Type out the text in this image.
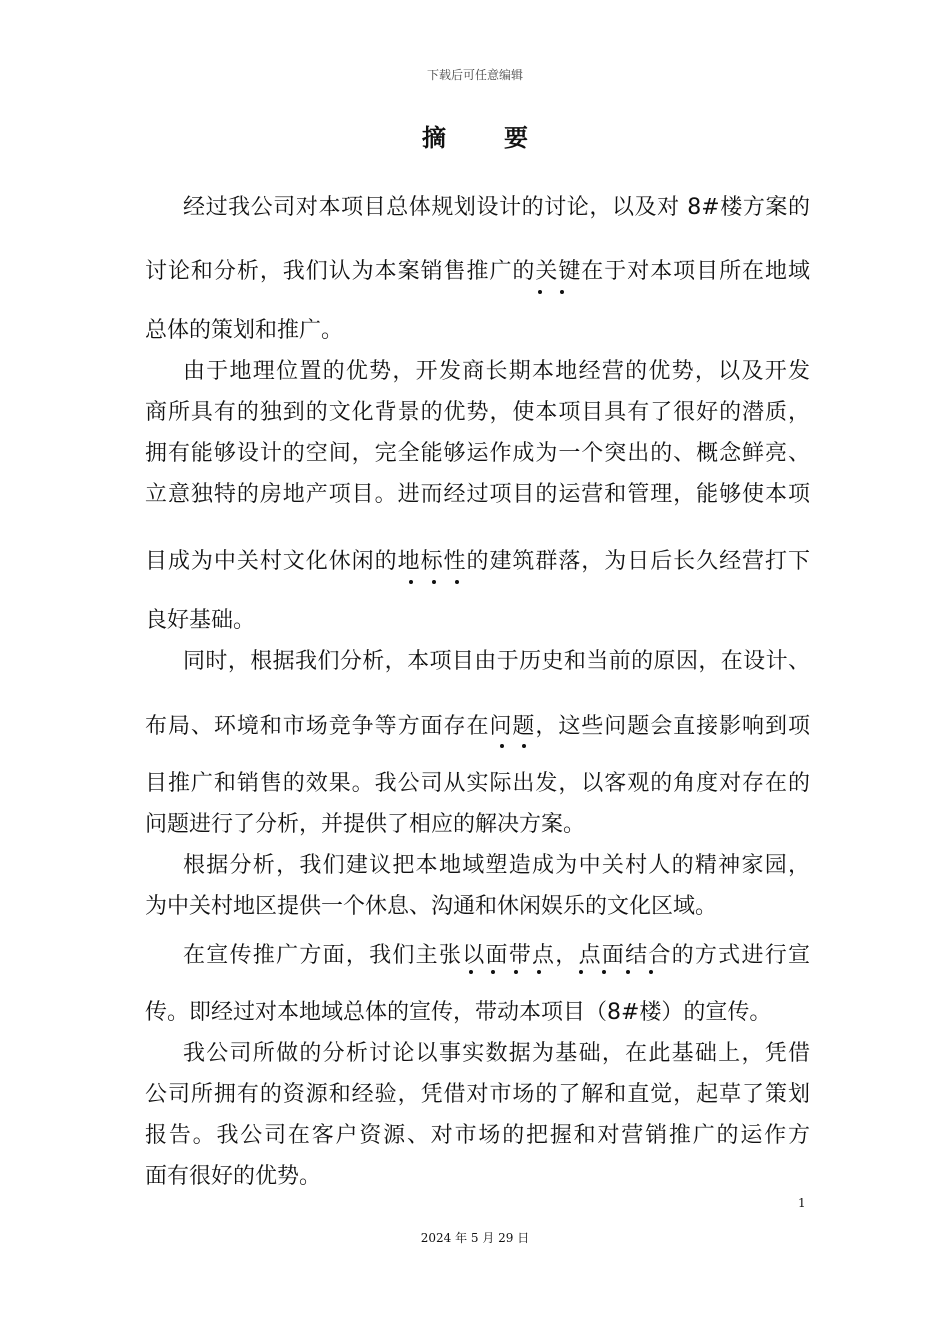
下载后可任意编辑
摘要
经过我公司对本项目总体规划设计的讨论，以及对 8#楼方案的
讨论和分析，我们认为本案销售推广的关键在于对本项目所在地域
总体的策划和推广。
由于地理位置的优势，开发商长期本地经营的优势，以及开发
商所具有的独到的文化背景的优势，使本项目具有了很好的潜质，
拥有能够设计的空间，完全能够运作成为一个突出的、概念鲜亮、
立意独特的房地产项目。进而经过项目的运营和管理，能够使本项
目成为中关村文化休闲的地标性的建筑群落，为日后长久经营打下
良好基础。
同时，根据我们分析，本项目由于历史和当前的原因，在设计、
布局、环境和市场竞争等方面存在问题，这些问题会直接影响到项
目推广和销售的效果。我公司从实际出发，以客观的角度对存在的
问题进行了分析，并提供了相应的解决方案。
根据分析，我们建议把本地域塑造成为中关村人的精神家园，
为中关村地区提供一个休息、沟通和休闲娱乐的文化区域。
在宣传推广方面，我们主张以面带点，点面结合的方式进行宣
传。即经过对本地域总体的宣传，带动本项目（8#楼）的宣传。
我公司所做的分析讨论以事实数据为基础，在此基础上，凭借
公司所拥有的资源和经验，凭借对市场的了解和直觉，起草了策划
报告。我公司在客户资源、对市场的把握和对营销推广的运作方
面有很好的优势。
1
2024 年 5 月 29 日
